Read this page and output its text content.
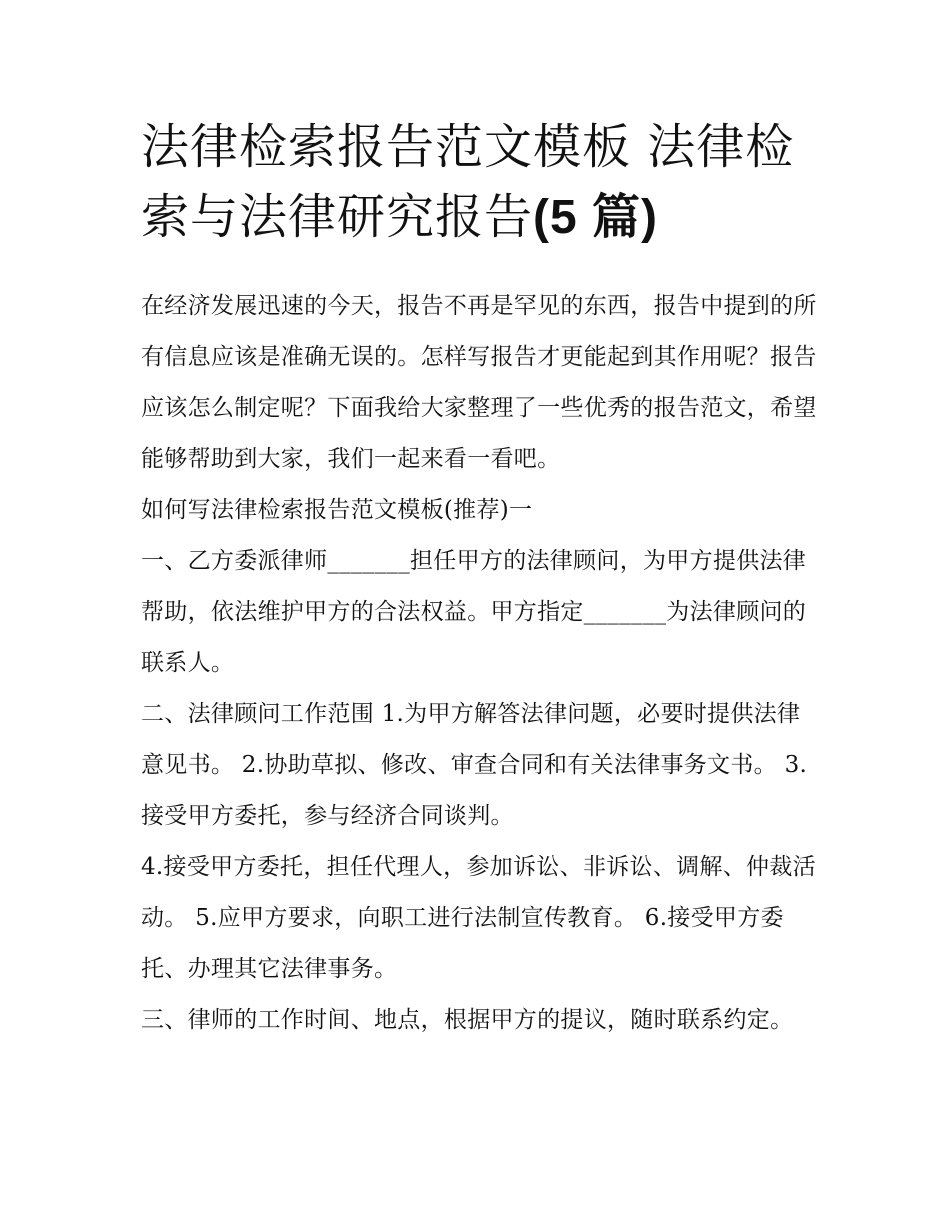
法律检索报告范文模板 法律检索与法律研究报告(5 篇)

在经济发展迅速的今天，报告不再是罕见的东西，报告中提到的所有信息应该是准确无误的。怎样写报告才更能起到其作用呢？报告应该怎么制定呢？下面我给大家整理了一些优秀的报告范文，希望能够帮助到大家，我们一起来看一看吧。

如何写法律检索报告范文模板(推荐)一

一、乙方委派律师_______担任甲方的法律顾问，为甲方提供法律帮助，依法维护甲方的合法权益。甲方指定_______为法律顾问的联系人。

二、法律顾问工作范围 1.为甲方解答法律问题，必要时提供法律意见书。 2.协助草拟、修改、审查合同和有关法律事务文书。 3.接受甲方委托，参与经济合同谈判。

4.接受甲方委托，担任代理人，参加诉讼、非诉讼、调解、仲裁活动。 5.应甲方要求，向职工进行法制宣传教育。 6.接受甲方委托、办理其它法律事务。

三、律师的工作时间、地点，根据甲方的提议，随时联系约定。
